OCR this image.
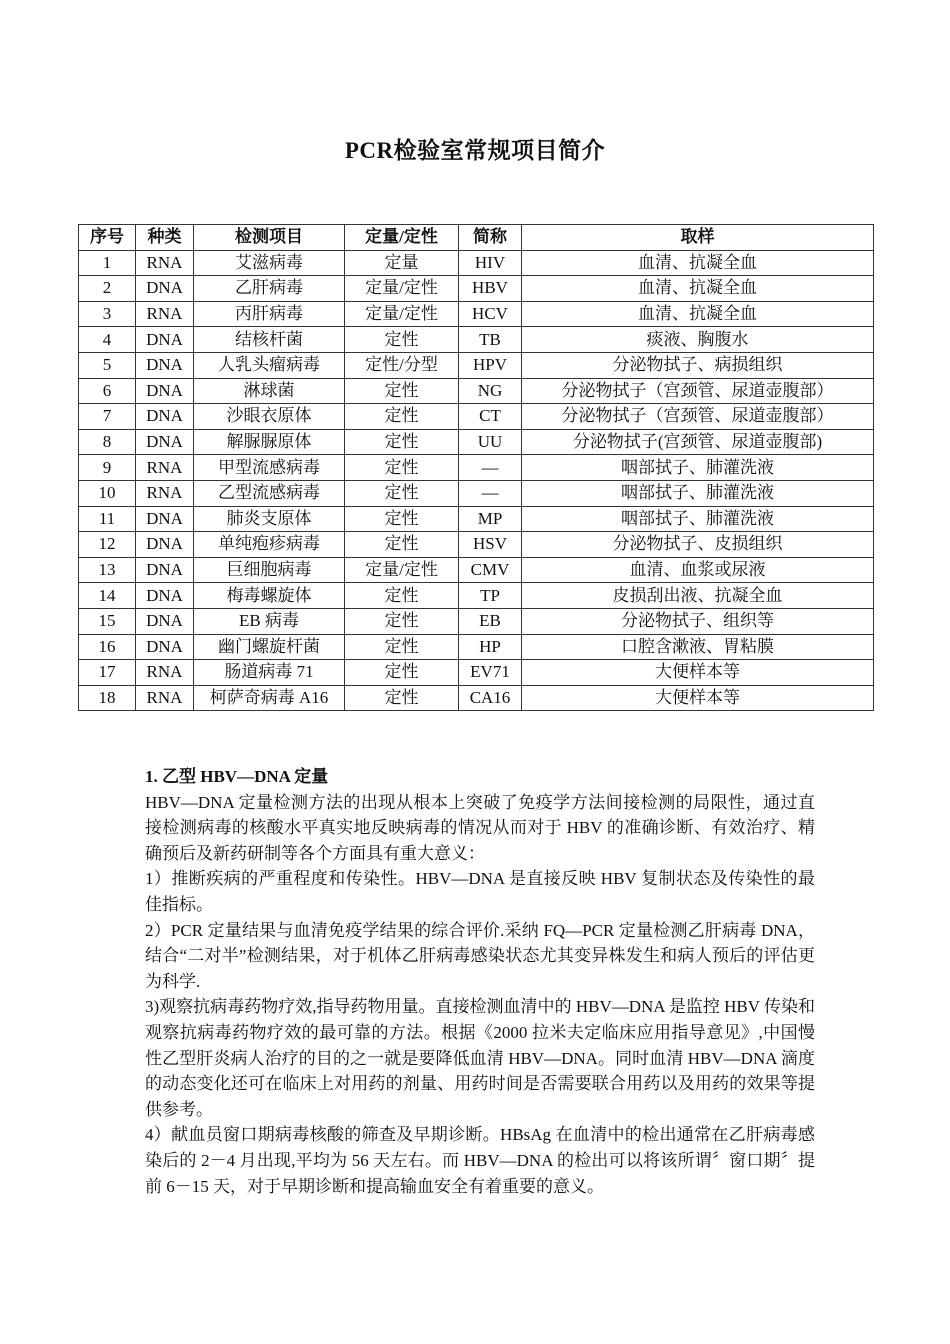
PCR检验室常规项目简介
序号	种类	检测项目	定量/定性	简称	取样
1	RNA	艾滋病毒	定量	HIV	血清、抗凝全血
2	DNA	乙肝病毒	定量/定性	HBV	血清、抗凝全血
3	RNA	丙肝病毒	定量/定性	HCV	血清、抗凝全血
4	DNA	结核杆菌	定性	TB	痰液、胸腹水
5	DNA	人乳头瘤病毒	定性/分型	HPV	分泌物拭子、病损组织
6	DNA	淋球菌	定性	NG	分泌物拭子（宫颈管、尿道壶腹部）
7	DNA	沙眼衣原体	定性	CT	分泌物拭子（宫颈管、尿道壶腹部）
8	DNA	解脲脲原体	定性	UU	分泌物拭子(宫颈管、尿道壶腹部)
9	RNA	甲型流感病毒	定性	—	咽部拭子、肺灌洗液
10	RNA	乙型流感病毒	定性	—	咽部拭子、肺灌洗液
11	DNA	肺炎支原体	定性	MP	咽部拭子、肺灌洗液
12	DNA	单纯疱疹病毒	定性	HSV	分泌物拭子、皮损组织
13	DNA	巨细胞病毒	定量/定性	CMV	血清、血浆或尿液
14	DNA	梅毒螺旋体	定性	TP	皮损刮出液、抗凝全血
15	DNA	EB 病毒	定性	EB	分泌物拭子、组织等
16	DNA	幽门螺旋杆菌	定性	HP	口腔含漱液、胃粘膜
17	RNA	肠道病毒 71	定性	EV71	大便样本等
18	RNA	柯萨奇病毒 A16	定性	CA16	大便样本等

1. 乙型 HBV—DNA 定量

HBV—DNA 定量检测方法的出现从根本上突破了免疫学方法间接检测的局限性，通过直接检测病毒的核酸水平真实地反映病毒的情况从而对于 HBV 的准确诊断、有效治疗、精确预后及新药研制等各个方面具有重大意义：

1）推断疾病的严重程度和传染性。HBV—DNA 是直接反映 HBV 复制状态及传染性的最佳指标。

2）PCR 定量结果与血清免疫学结果的综合评价.采纳 FQ—PCR 定量检测乙肝病毒 DNA，结合“二对半”检测结果，对于机体乙肝病毒感染状态尤其变异株发生和病人预后的评估更为科学.

3)观察抗病毒药物疗效,指导药物用量。直接检测血清中的 HBV—DNA 是监控 HBV 传染和观察抗病毒药物疗效的最可靠的方法。根据《2000 拉米夫定临床应用指导意见》,中国慢性乙型肝炎病人治疗的目的之一就是要降低血清 HBV—DNA。同时血清 HBV—DNA 滴度的动态变化还可在临床上对用药的剂量、用药时间是否需要联合用药以及用药的效果等提供参考。

4）献血员窗口期病毒核酸的筛查及早期诊断。HBsAg 在血清中的检出通常在乙肝病毒感染后的 2－4 月出现,平均为 56 天左右。而 HBV—DNA 的检出可以将该所谓〞窗口期〞提前 6－15 天，对于早期诊断和提高输血安全有着重要的意义。
